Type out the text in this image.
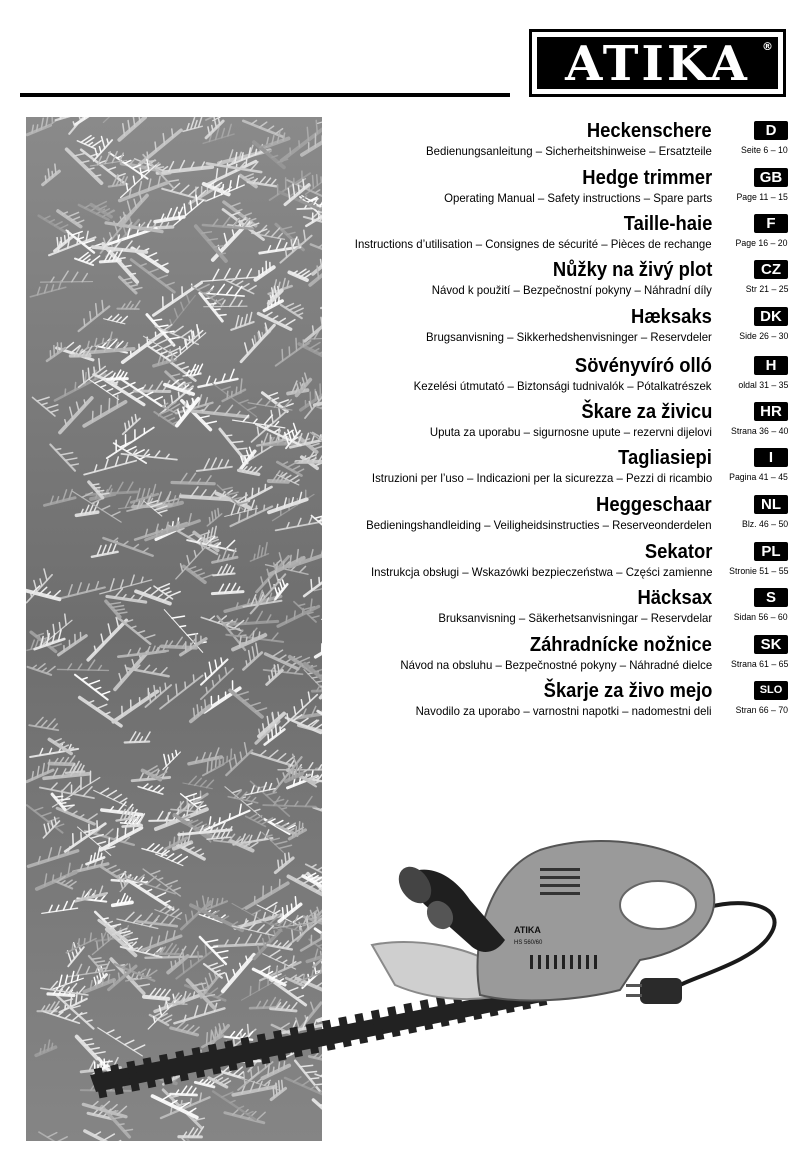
ATIKA ®
ATIKA
HS 560/60
Heckenschere
Bedienungsanleitung – Sicherheitshinweise – Ersatzteile
D
Seite 6 – 10
Hedge trimmer
Operating Manual – Safety instructions – Spare parts
GB
Page 11 – 15
Taille-haie
Instructions d’utilisation – Consignes de sécurité – Pièces de rechange
F
Page 16 – 20
Nůžky na živý plot
Návod k použití – Bezpečnostní pokyny – Náhradní díly
CZ
Str 21 – 25
Hæksaks
Brugsanvisning – Sikkerhedshenvisninger – Reservdeler
DK
Side 26 – 30
Sövényvíró olló
Kezelési útmutató – Biztonsági tudnivalók – Pótalkatrészek
H
oldal 31 – 35
Škare za živicu
Uputa za uporabu – sigurnosne upute – rezervni dijelovi
HR
Strana 36 – 40
Tagliasiepi
Istruzioni per l’uso – Indicazioni per la sicurezza – Pezzi di ricambio
I
Pagina 41 – 45
Heggeschaar
Bedieningshandleiding – Veiligheidsinstructies – Reserveonderdelen
NL
Blz. 46 – 50
Sekator
Instrukcja obsługi – Wskazówki bezpieczeństwa – Części zamienne
PL
Stronie 51 – 55
Häcksax
Bruksanvisning – Säkerhetsanvisningar – Reservdelar
S
Sidan 56 – 60
Záhradnícke nožnice
Návod na obsluhu – Bezpečnostné pokyny – Náhradné dielce
SK
Strana 61 – 65
Škarje za živo mejo
Navodilo za uporabo – varnostni napotki – nadomestni deli
SLO
Stran 66 – 70
